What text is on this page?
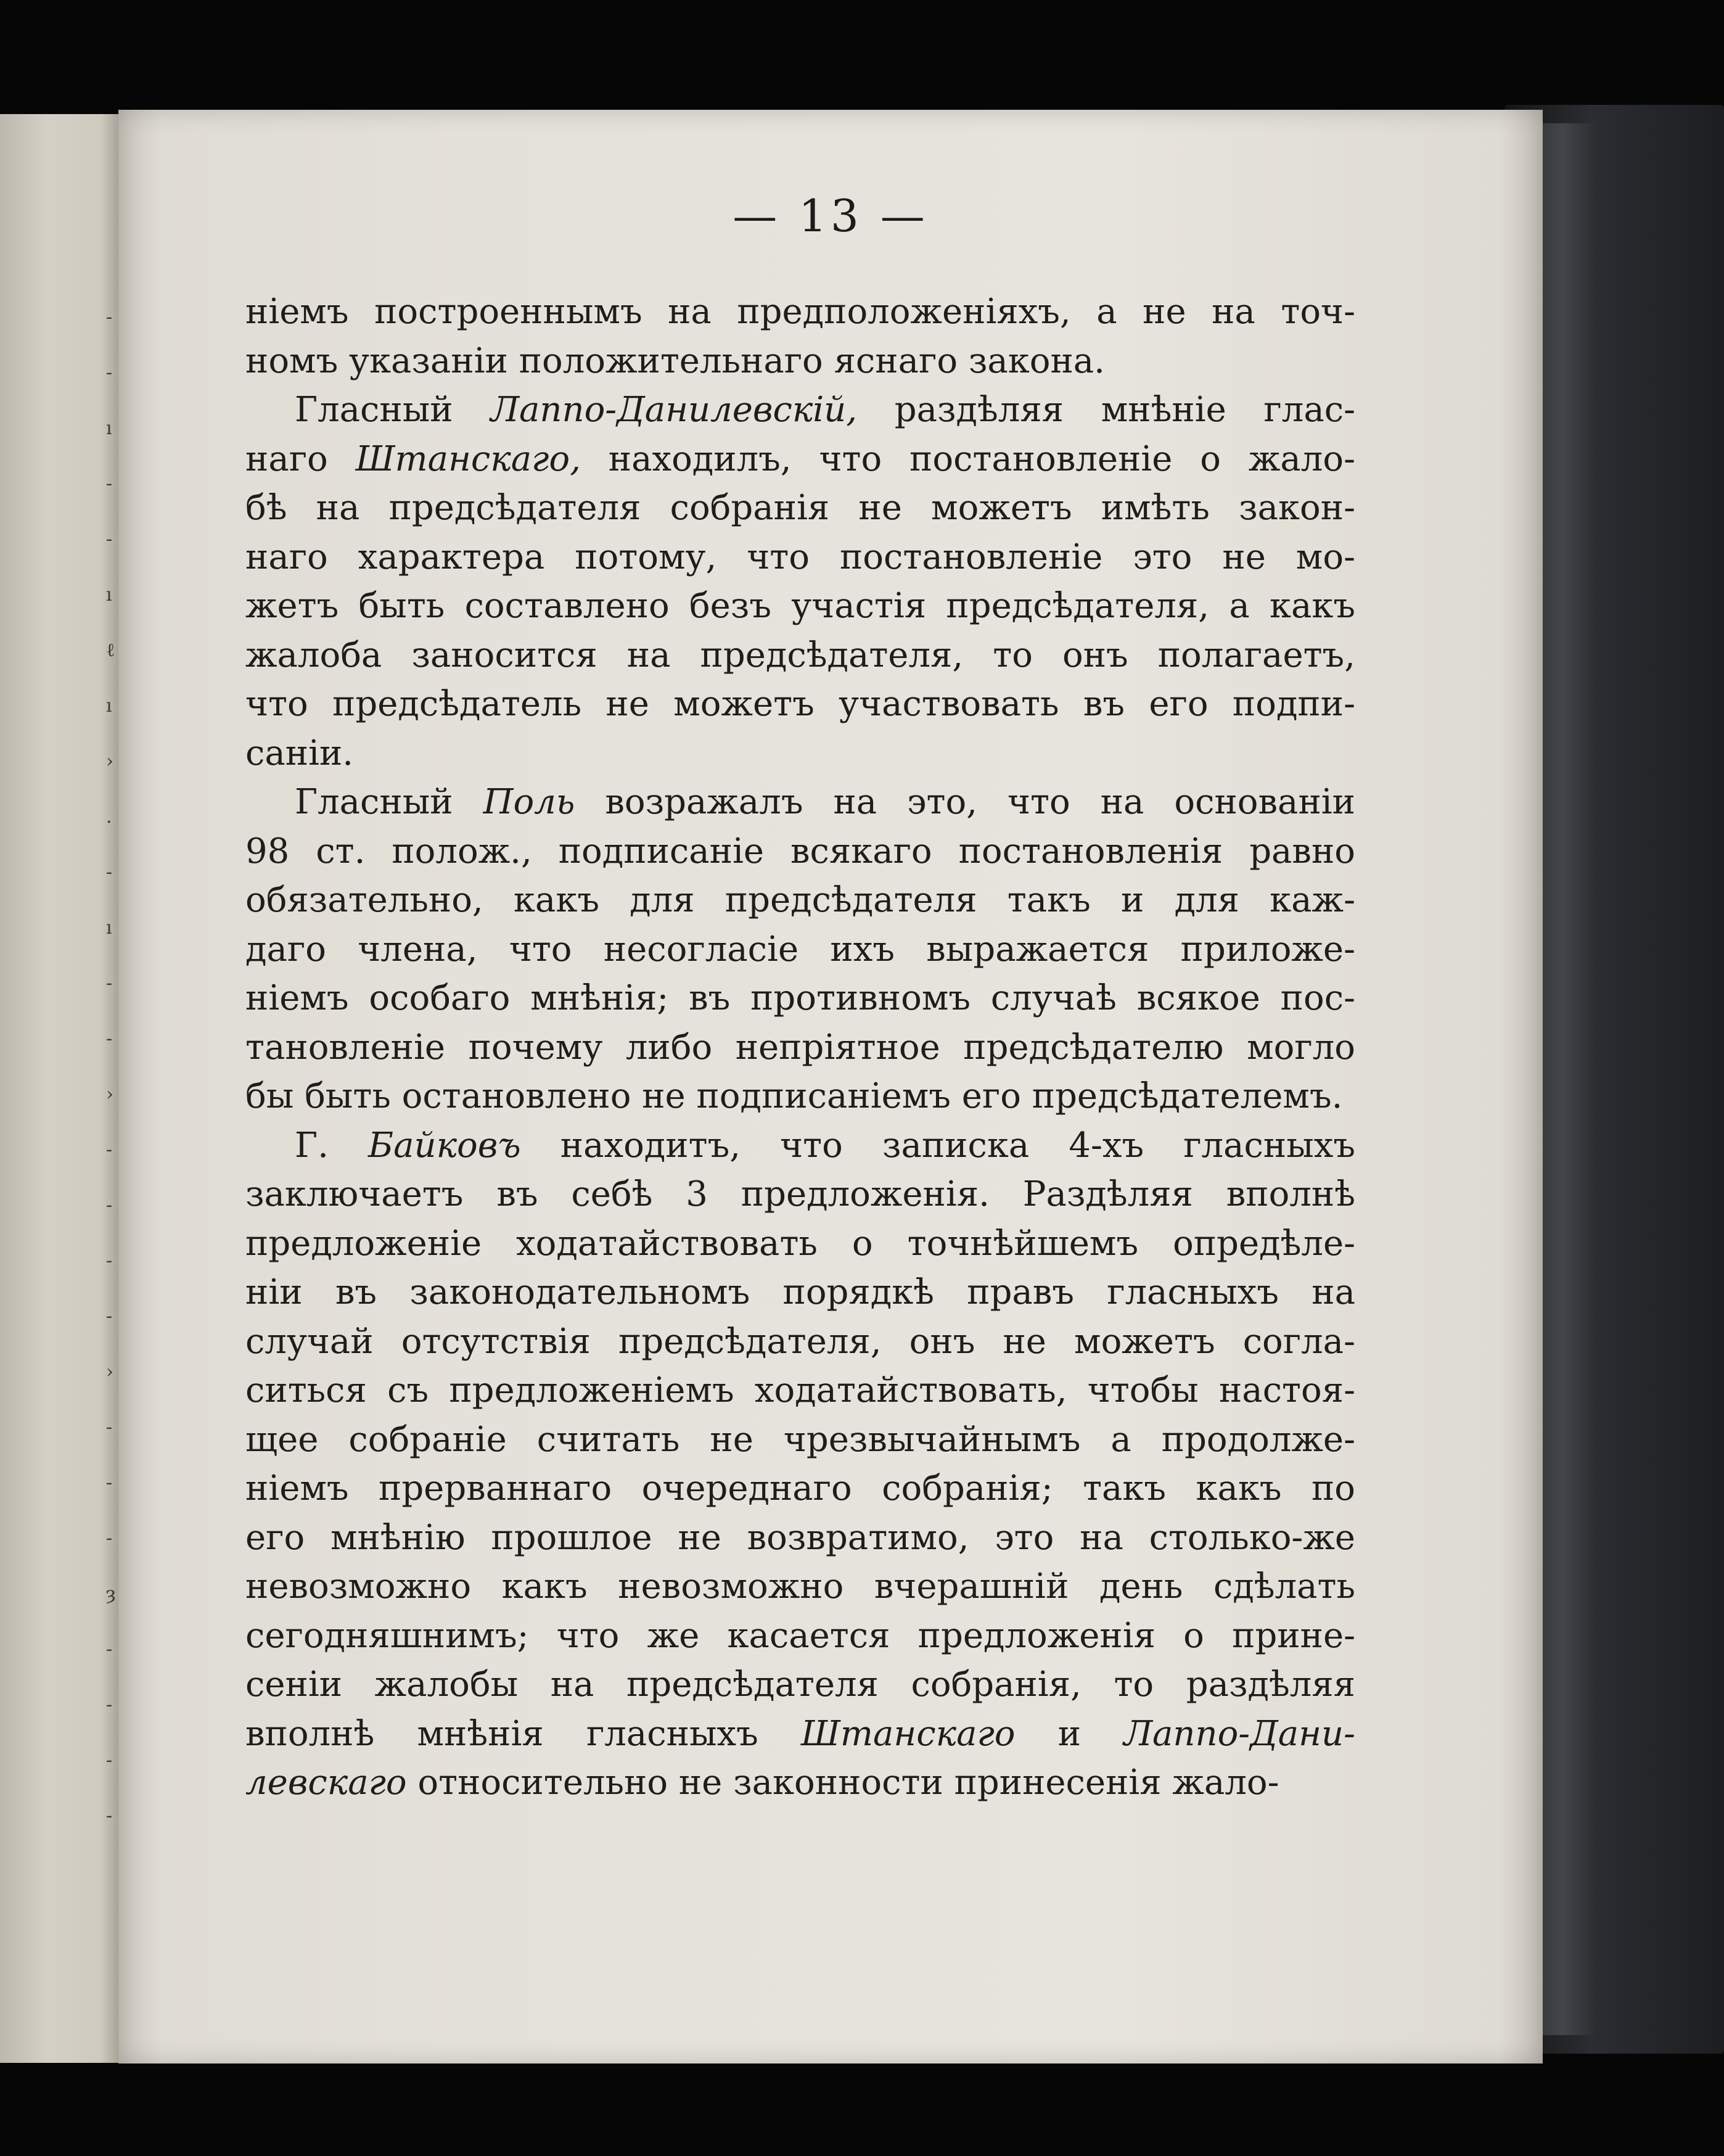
-
-
ı
-
-
ı
ℓ
ı
›
.
-
ı
-
-
›
-
-
-
-
›
-
-
-
ȝ
-
-
-
-
— 13 —
нiемъ построеннымъ на предположенiяхъ, а не на точ-
номъ указанiи положительнаго яснаго закона.
Гласный Лаппо-Данилевскiй, раздѣляя мнѣнiе глас-
наго Штанскаго, находилъ, что постановленiе о жало-
бѣ на предсѣдателя собранiя не можетъ имѣть закон-
наго характера потому, что постановленiе это не мо-
жетъ быть составлено безъ участiя предсѣдателя, а какъ
жалоба заносится на предсѣдателя, то онъ полагаетъ,
что предсѣдатель не можетъ участвовать въ его подпи-
санiи.
Гласный Поль возражалъ на это, что на основанiи
98 ст. полож., подписанiе всякаго постановленiя равно
обязательно, какъ для предсѣдателя такъ и для каж-
даго члена, что несогласiе ихъ выражается приложе-
нiемъ особаго мнѣнiя; въ противномъ случаѣ всякое пос-
тановленiе почему либо непрiятное предсѣдателю могло
бы быть остановлено не подписанiемъ его предсѣдателемъ.
Г. Байковъ находитъ, что записка 4-хъ гласныхъ
заключаетъ въ себѣ 3 предложенiя. Раздѣляя вполнѣ
предложенiе ходатайствовать о точнѣйшемъ опредѣле-
нiи въ законодательномъ порядкѣ правъ гласныхъ на
случай отсутствiя предсѣдателя, онъ не можетъ согла-
ситься съ предложенiемъ ходатайствовать, чтобы настоя-
щее собранiе считать не чрезвычайнымъ а продолже-
нiемъ прерваннаго очереднаго собранiя; такъ какъ по
его мнѣнiю прошлое не возвратимо, это на столько-же
невозможно какъ невозможно вчерашнiй день сдѣлать
сегодняшнимъ; что же касается предложенiя о прине-
сенiи жалобы на предсѣдателя собранiя, то раздѣляя
вполнѣ мнѣнiя гласныхъ Штанскаго и Лаппо-Дани-
левскаго относительно не законности принесенiя жало-
